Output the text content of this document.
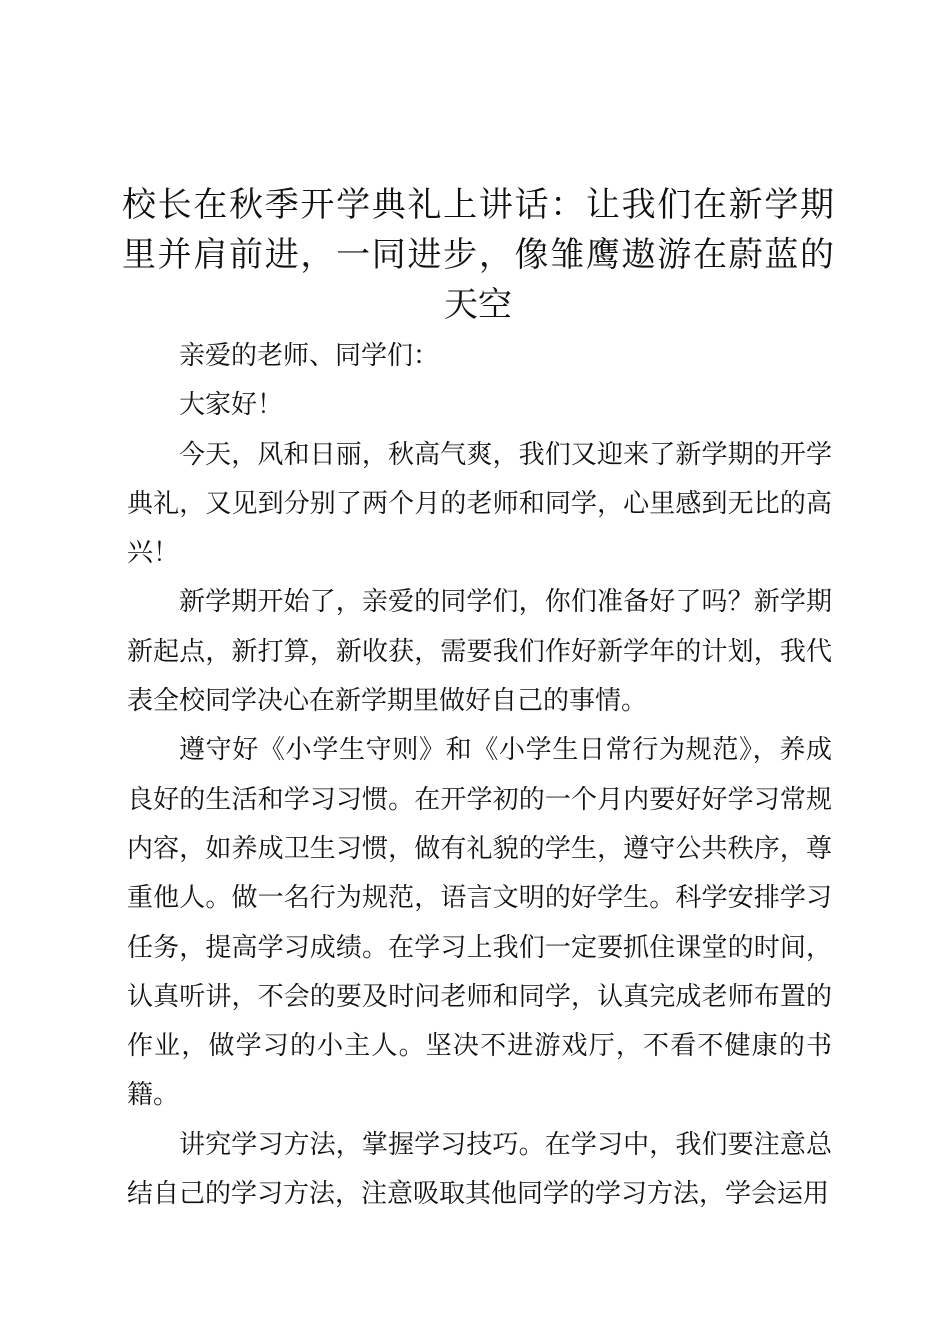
校长在秋季开学典礼上讲话：让我们在新学期里并肩前进，一同进步，像雏鹰遨游在蔚蓝的天空

亲爱的老师、同学们：

大家好！

今天，风和日丽，秋高气爽，我们又迎来了新学期的开学典礼，又见到分别了两个月的老师和同学，心里感到无比的高兴！

新学期开始了，亲爱的同学们，你们准备好了吗？新学期新起点，新打算，新收获，需要我们作好新学年的计划，我代表全校同学决心在新学期里做好自己的事情。

遵守好《小学生守则》和《小学生日常行为规范》，养成良好的生活和学习习惯。在开学初的一个月内要好好学习常规内容，如养成卫生习惯，做有礼貌的学生，遵守公共秩序，尊重他人。做一名行为规范，语言文明的好学生。科学安排学习任务，提高学习成绩。在学习上我们一定要抓住课堂的时间，认真听讲，不会的要及时问老师和同学，认真完成老师布置的作业，做学习的小主人。坚决不进游戏厅，不看不健康的书籍。

讲究学习方法，掌握学习技巧。在学习中，我们要注意总结自己的学习方法，注意吸取其他同学的学习方法，学会运用
